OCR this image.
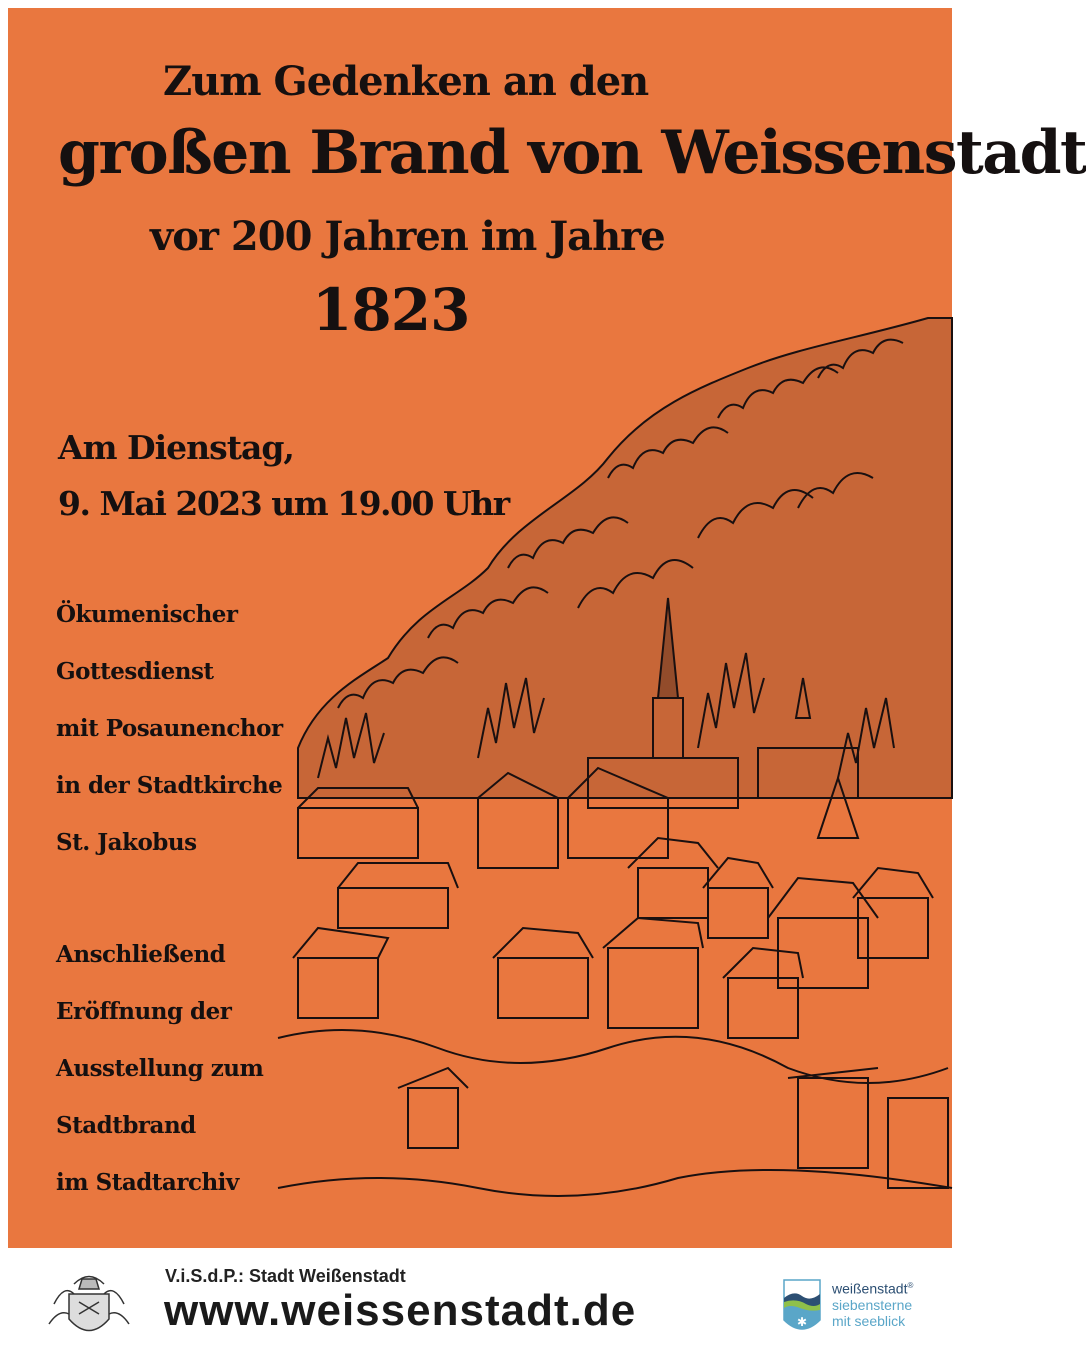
Zum Gedenken an den
großen Brand von Weissenstadt
vor 200 Jahren im Jahre
1823
Am Dienstag,
9. Mai 2023 um 19.00 Uhr
Ökumenischer
Gottesdienst
mit Posaunenchor
in der Stadtkirche
St. Jakobus
Anschließend
Eröffnung der
Ausstellung zum
Stadtbrand
im Stadtarchiv
V.i.S.d.P.: Stadt Weißenstadt
www.weissenstadt.de	✱
weißenstadt®
siebensterne
mit seeblick
